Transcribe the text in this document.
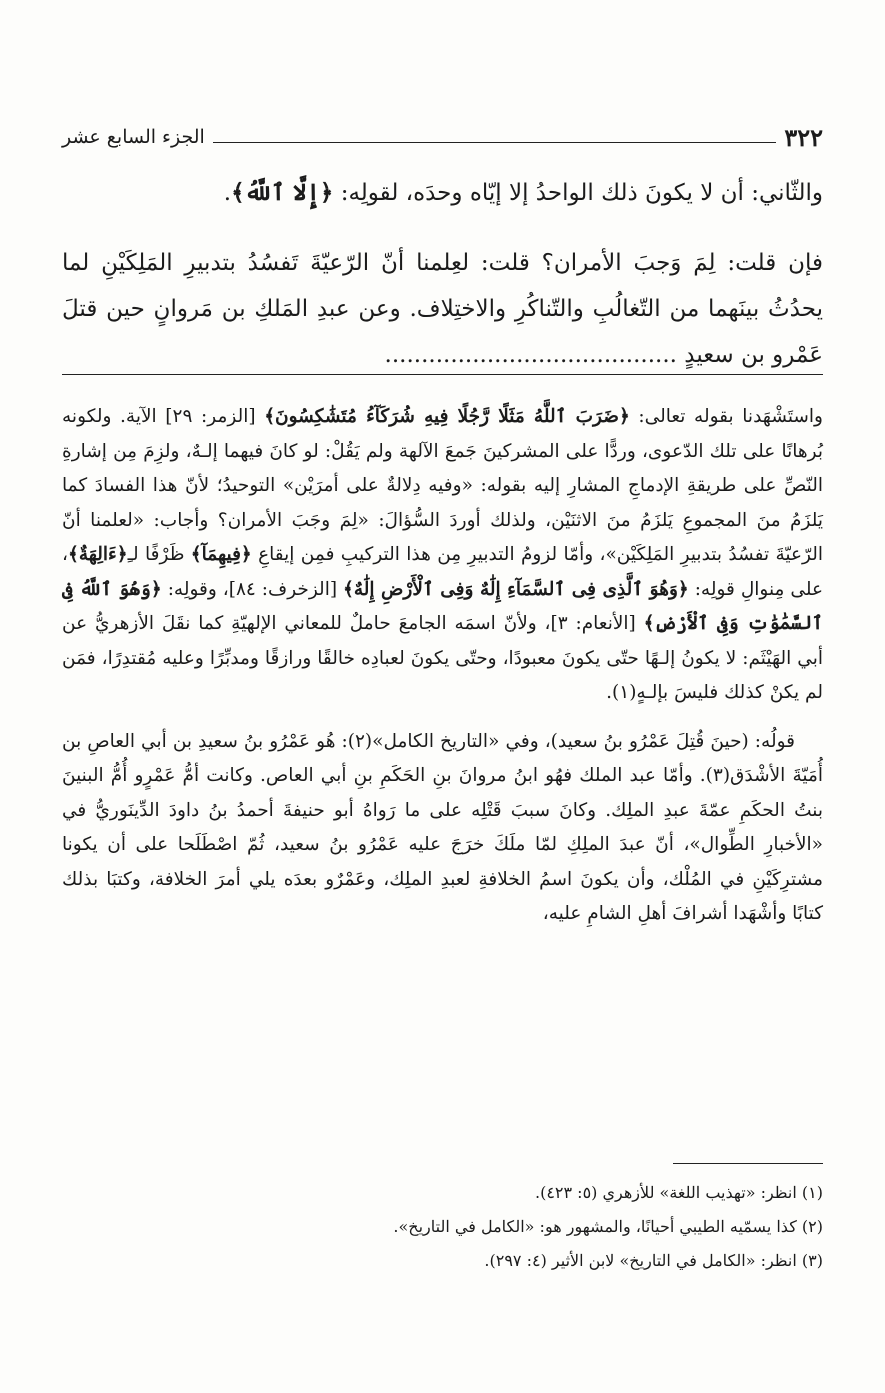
٣٢٢
الجزء السابع عشر

والثّاني: أن لا يكونَ ذلك الواحدُ إلا إيّاه وحدَه، لقولِه: ﴿إِلَّا ٱللَّهُ﴾.

فإن قلت: لِمَ وَجبَ الأمران؟ قلت: لعِلمنا أنّ الرّعيّةَ تَفسُدُ بتدبيرِ المَلِكَيْنِ لما يحدُثُ بينَهما من التّغالُبِ والتّناكُرِ والاختِلاف. وعن عبدِ المَلكِ بن مَروانٍ حين قتلَ عَمْرو بن سعيدٍ ........................................

واستَشْهَدنا بقوله تعالى: ﴿ضَرَبَ ٱللَّهُ مَثَلًا رَّجُلًا فِيهِ شُرَكَآءُ مُتَشَٰكِسُونَ﴾ [الزمر: ٢٩] الآية. ولكونه بُرهانًا على تلك الدّعوى، وردًّا على المشركينَ جَمعَ الآلهة ولم يَقُلْ: لو كانَ فيهما إلـهٌ، ولزِمَ مِن إشارةِ النّصِّ على طريقةِ الإدماجِ المشارِ إليه بقوله: «وفيه دِلالةٌ على أمرَيْن» التوحيدُ؛ لأنّ هذا الفسادَ كما يَلزَمُ منَ المجموعِ يَلزَمُ منَ الاثنَيْن، ولذلك أوردَ السُّؤالَ: «لِمَ وجَبَ الأمران؟ وأجاب: «لعلمنا أنّ الرّعيّةَ تفسُدُ بتدبيرِ المَلِكَيْن»، وأمّا لزومُ التدبيرِ مِن هذا التركيبِ فمِن إيقاعِ ﴿فِيهِمَآ﴾ ظَرْفًا لـِ﴿ءَالِهَةٌ﴾، على مِنوالِ قولِه: ﴿وَهُوَ ٱلَّذِى فِى ٱلسَّمَآءِ إِلَٰهٌ وَفِى ٱلْأَرْضِ إِلَٰهٌ﴾ [الزخرف: ٨٤]، وقولِه: ﴿وَهُوَ ٱللَّهُ فِى ٱلسَّمَٰوَٰتِ وَفِى ٱلْأَرْضِ﴾ [الأنعام: ٣]، ولأنّ اسمَه الجامعَ حاملٌ للمعاني الإلهيّةِ كما نقَلَ الأزهريُّ عن أبي الهَيْثَم: لا يكونُ إلـهًا حتّى يكونَ معبودًا، وحتّى يكونَ لعبادِه خالقًا ورازقًا ومدبِّرًا وعليه مُقتدِرًا، فمَن لم يكنْ كذلك فليسَ بإلـهٍ(١).

قولُه: (حينَ قُتِلَ عَمْرُو بنُ سعيد)، وفي «التاريخ الكامل»(٢): هُو عَمْرُو بنُ سعيدِ بن أبي العاصِ بن أُمَيّةَ الأشْدَق(٣). وأمّا عبد الملك فهُو ابنُ مروانَ بنِ الحَكَمِ بنِ أبي العاص. وكانت أمُّ عَمْرٍو أُمُّ البنينَ بنتُ الحكَمِ عمّةَ عبدِ الملِك. وكانَ سببَ قَتْلِه على ما رَواهُ أبو حنيفةَ أحمدُ بنُ داودَ الدِّينَوريُّ في «الأخبارِ الطِّوال»، أنّ عبدَ الملِكِ لمّا ملَكَ خرَجَ عليه عَمْرُو بنُ سعيد، ثُمّ اصْطَلَحا على أن يكونا مشترِكَيْنِ في المُلْك، وأن يكونَ اسمُ الخلافةِ لعبدِ الملِك، وعَمْرٌو بعدَه يلي أمرَ الخلافة، وكتبَا بذلك كتابًا وأشْهَدا أشرافَ أهلِ الشامِ عليه،

(١) انظر: «تهذيب اللغة» للأزهري (٥: ٤٢٣).

(٢) كذا يسمّيه الطيبي أحيانًا، والمشهور هو: «الكامل في التاريخ».

(٣) انظر: «الكامل في التاريخ» لابن الأثير (٤: ٢٩٧).
